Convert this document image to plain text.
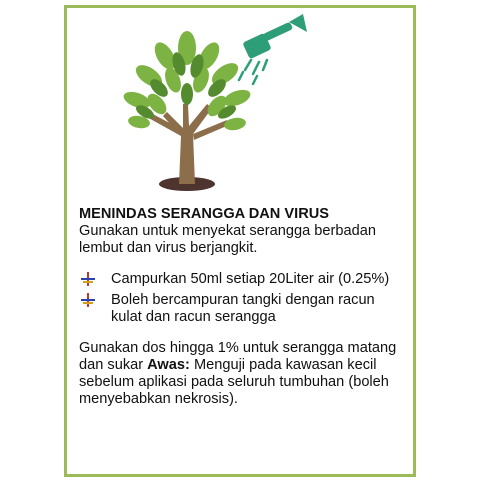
MENINDAS SERANGGA DAN VIRUS

Gunakan untuk menyekat serangga berbadan lembut dan virus berjangkit.

Campurkan 50ml setiap 20Liter air (0.25%)
Boleh bercampuran tangki dengan racun kulat dan racun serangga

Gunakan dos hingga 1% untuk serangga matang dan sukar Awas: Menguji pada kawasan kecil sebelum aplikasi pada seluruh tumbuhan (boleh menyebabkan nekrosis).
